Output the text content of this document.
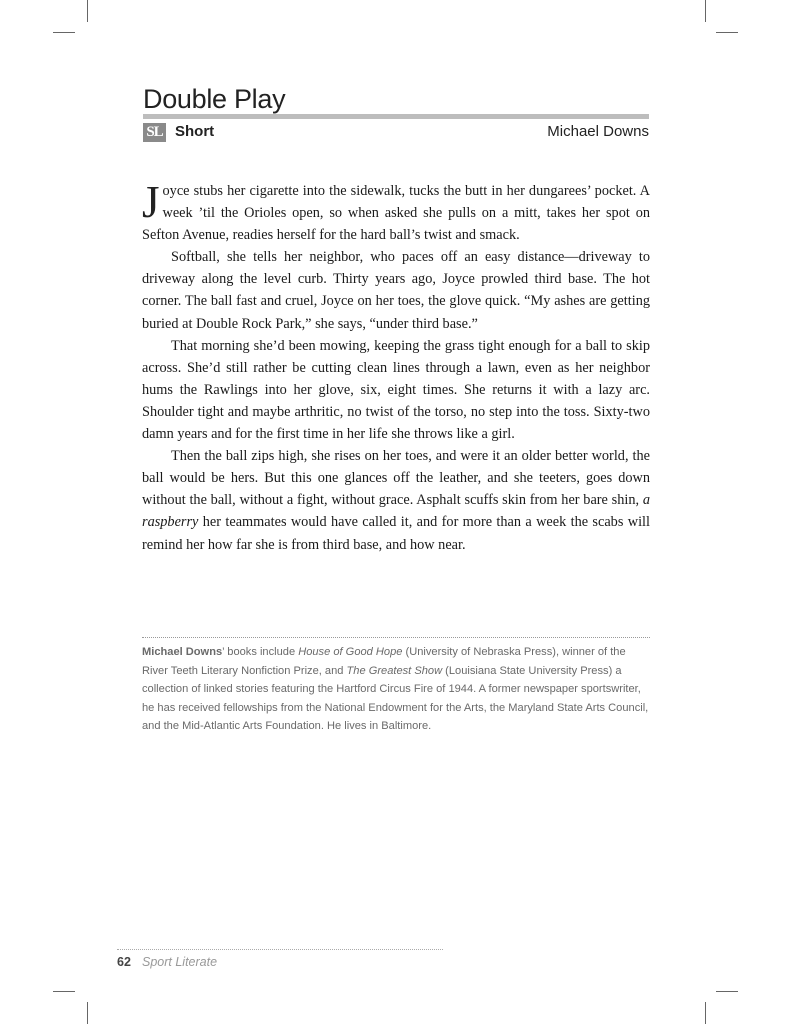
Double Play
SL Short	Michael Downs

Joyce stubs her cigarette into the sidewalk, tucks the butt in her dungarees’ pocket. A week ’til the Orioles open, so when asked she pulls on a mitt, takes her spot on Sefton Avenue, readies herself for the hard ball’s twist and smack.

Softball, she tells her neighbor, who paces off an easy distance—driveway to driveway along the level curb. Thirty years ago, Joyce prowled third base. The hot corner. The ball fast and cruel, Joyce on her toes, the glove quick. “My ashes are getting buried at Double Rock Park,” she says, “under third base.”

That morning she’d been mowing, keeping the grass tight enough for a ball to skip across. She’d still rather be cutting clean lines through a lawn, even as her neighbor hums the Rawlings into her glove, six, eight times. She returns it with a lazy arc. Shoulder tight and maybe arthritic, no twist of the torso, no step into the toss. Sixty-two damn years and for the first time in her life she throws like a girl.

Then the ball zips high, she rises on her toes, and were it an older better world, the ball would be hers. But this one glances off the leather, and she teeters, goes down without the ball, without a fight, without grace. Asphalt scuffs skin from her bare shin, a raspberry her teammates would have called it, and for more than a week the scabs will remind her how far she is from third base, and how near.

Michael Downs’ books include House of Good Hope (University of Nebraska Press), winner of the River Teeth Literary Nonfiction Prize, and The Greatest Show (Louisiana State University Press) a collection of linked stories featuring the Hartford Circus Fire of 1944. A former newspaper sportswriter, he has received fellowships from the National Endowment for the Arts, the Maryland State Arts Council, and the Mid-Atlantic Arts Foundation. He lives in Baltimore.

62 Sport Literate
